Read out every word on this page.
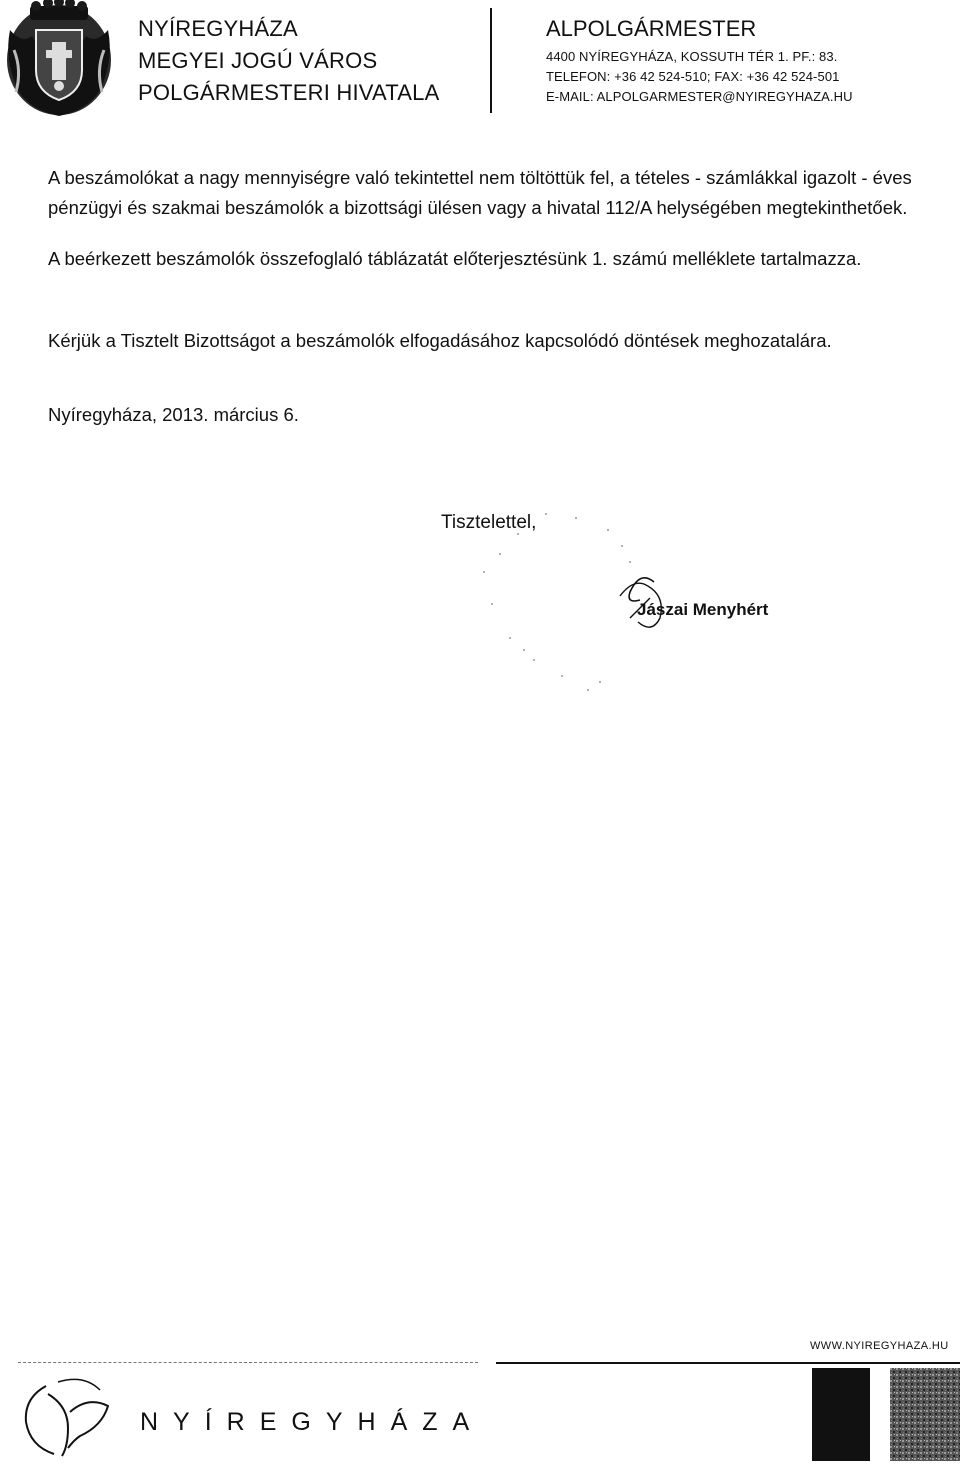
NYÍREGYHÁZA
MEGYEI JOGÚ VÁROS
POLGÁRMESTERI HIVATALA
ALPOLGÁRMESTER
4400 NYÍREGYHÁZA, KOSSUTH TÉR 1. PF.: 83.
TELEFON: +36 42 524-510; FAX: +36 42 524-501
E-MAIL: ALPOLGARMESTER@NYIREGYHAZA.HU
A beszámolókat a nagy mennyiségre való tekintettel nem töltöttük fel, a tételes - számlákkal igazolt - éves pénzügyi és szakmai beszámolók a bizottsági ülésen vagy a hivatal 112/A helységében megtekinthetőek.
A beérkezett beszámolók összefoglaló táblázatát előterjesztésünk 1. számú melléklete tartalmazza.
Kérjük a Tisztelt Bizottságot a beszámolók elfogadásához kapcsolódó döntések meghozatalára.
Nyíregyháza, 2013. március 6.
Tisztelettel,
Jászai Menyhért
WWW.NYIREGYHAZA.HU
NYÍREGYHÁZA
